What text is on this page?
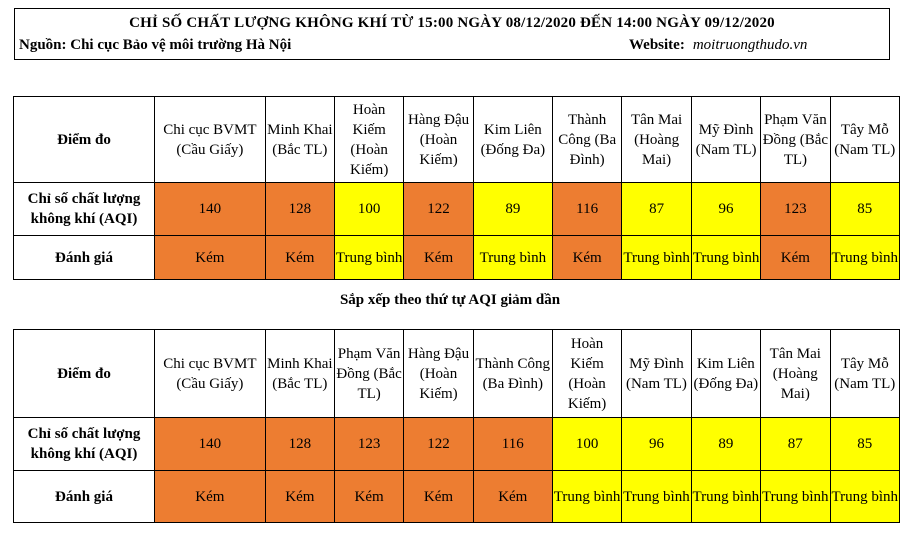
CHỈ SỐ CHẤT LƯỢNG KHÔNG KHÍ TỪ 15:00 NGÀY 08/12/2020 ĐẾN 14:00 NGÀY 09/12/2020
Nguồn: Chi cục Bảo vệ môi trường Hà Nội	Website: moitruongthudo.vn
Điểm đo	Chi cục BVMT (Cầu Giấy)	Minh Khai (Bắc TL)	Hoàn Kiếm (Hoàn Kiếm)	Hàng Đậu (Hoàn Kiếm)	Kim Liên (Đống Đa)	Thành Công (Ba Đình)	Tân Mai (Hoàng Mai)	Mỹ Đình (Nam TL)	Phạm Văn Đồng (Bắc TL)	Tây Mỗ (Nam TL)
Chỉ số chất lượng không khí (AQI)	140	128	100	122	89	116	87	96	123	85
Đánh giá	Kém	Kém	Trung bình	Kém	Trung bình	Kém	Trung bình	Trung bình	Kém	Trung bình
Sắp xếp theo thứ tự AQI giảm dần
Điểm đo	Chi cục BVMT (Cầu Giấy)	Minh Khai (Bắc TL)	Phạm Văn Đồng (Bắc TL)	Hàng Đậu (Hoàn Kiếm)	Thành Công (Ba Đình)	Hoàn Kiếm (Hoàn Kiếm)	Mỹ Đình (Nam TL)	Kim Liên (Đống Đa)	Tân Mai (Hoàng Mai)	Tây Mỗ (Nam TL)
Chỉ số chất lượng không khí (AQI)	140	128	123	122	116	100	96	89	87	85
Đánh giá	Kém	Kém	Kém	Kém	Kém	Trung bình	Trung bình	Trung bình	Trung bình	Trung bình
